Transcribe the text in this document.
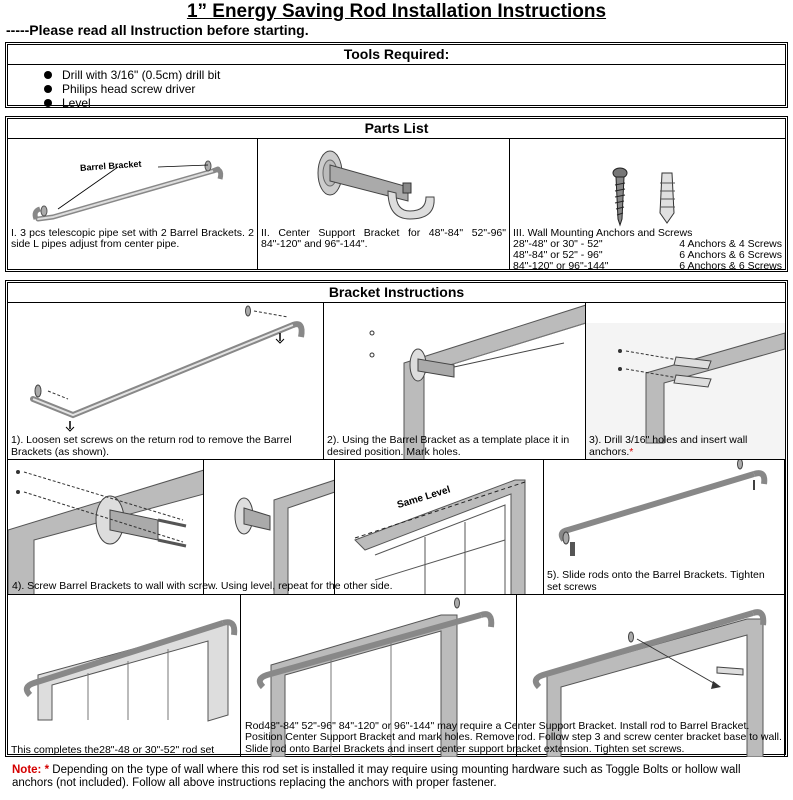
1” Energy Saving Rod Installation Instructions
-----Please read all Instruction before starting.
Tools Required:
Drill with 3/16" (0.5cm) drill bit
Philips head screw driver
Level
Parts List
Barrel Bracket
I. 3 pcs telescopic pipe set with 2 Barrel Brackets. 2 side L pipes adjust from center pipe.
II. Center Support Bracket for 48"-84" 52"-96" 84"-120" and 96"-144".
III. Wall Mounting Anchors and Screws
28"-48" or 30" - 52"	4 Anchors & 4 Screws
48"-84" or 52" - 96"	6 Anchors & 6 Screws
84"-120" or 96"-144"	6 Anchors & 6 Screws
Bracket Instructions
1). Loosen set screws on the return rod to remove the Barrel Brackets (as shown).
2). Using the Barrel Bracket as a template place it in desired position. Mark holes.
3). Drill 3/16" holes and insert wall anchors.*
Same Level
5). Slide rods onto the Barrel Brackets. Tighten set screws
4). Screw Barrel Brackets to wall with screw. Using level, repeat for the other side.
This completes the28"-48 or 30"-52" rod set
Rod48"-84" 52"-96" 84"-120" or 96"-144" may require a Center Support Bracket. Install rod to Barrel Bracket. Position Center Support Bracket and mark holes. Remove rod. Follow step 3 and screw center bracket base to wall. Slide rod onto Barrel Brackets and insert center support bracket extension. Tighten set screws.
Note: * Depending on the type of wall where this rod set is installed it may require using mounting hardware such as Toggle Bolts or hollow wall anchors (not included). Follow all above instructions replacing the anchors with proper fastener.
